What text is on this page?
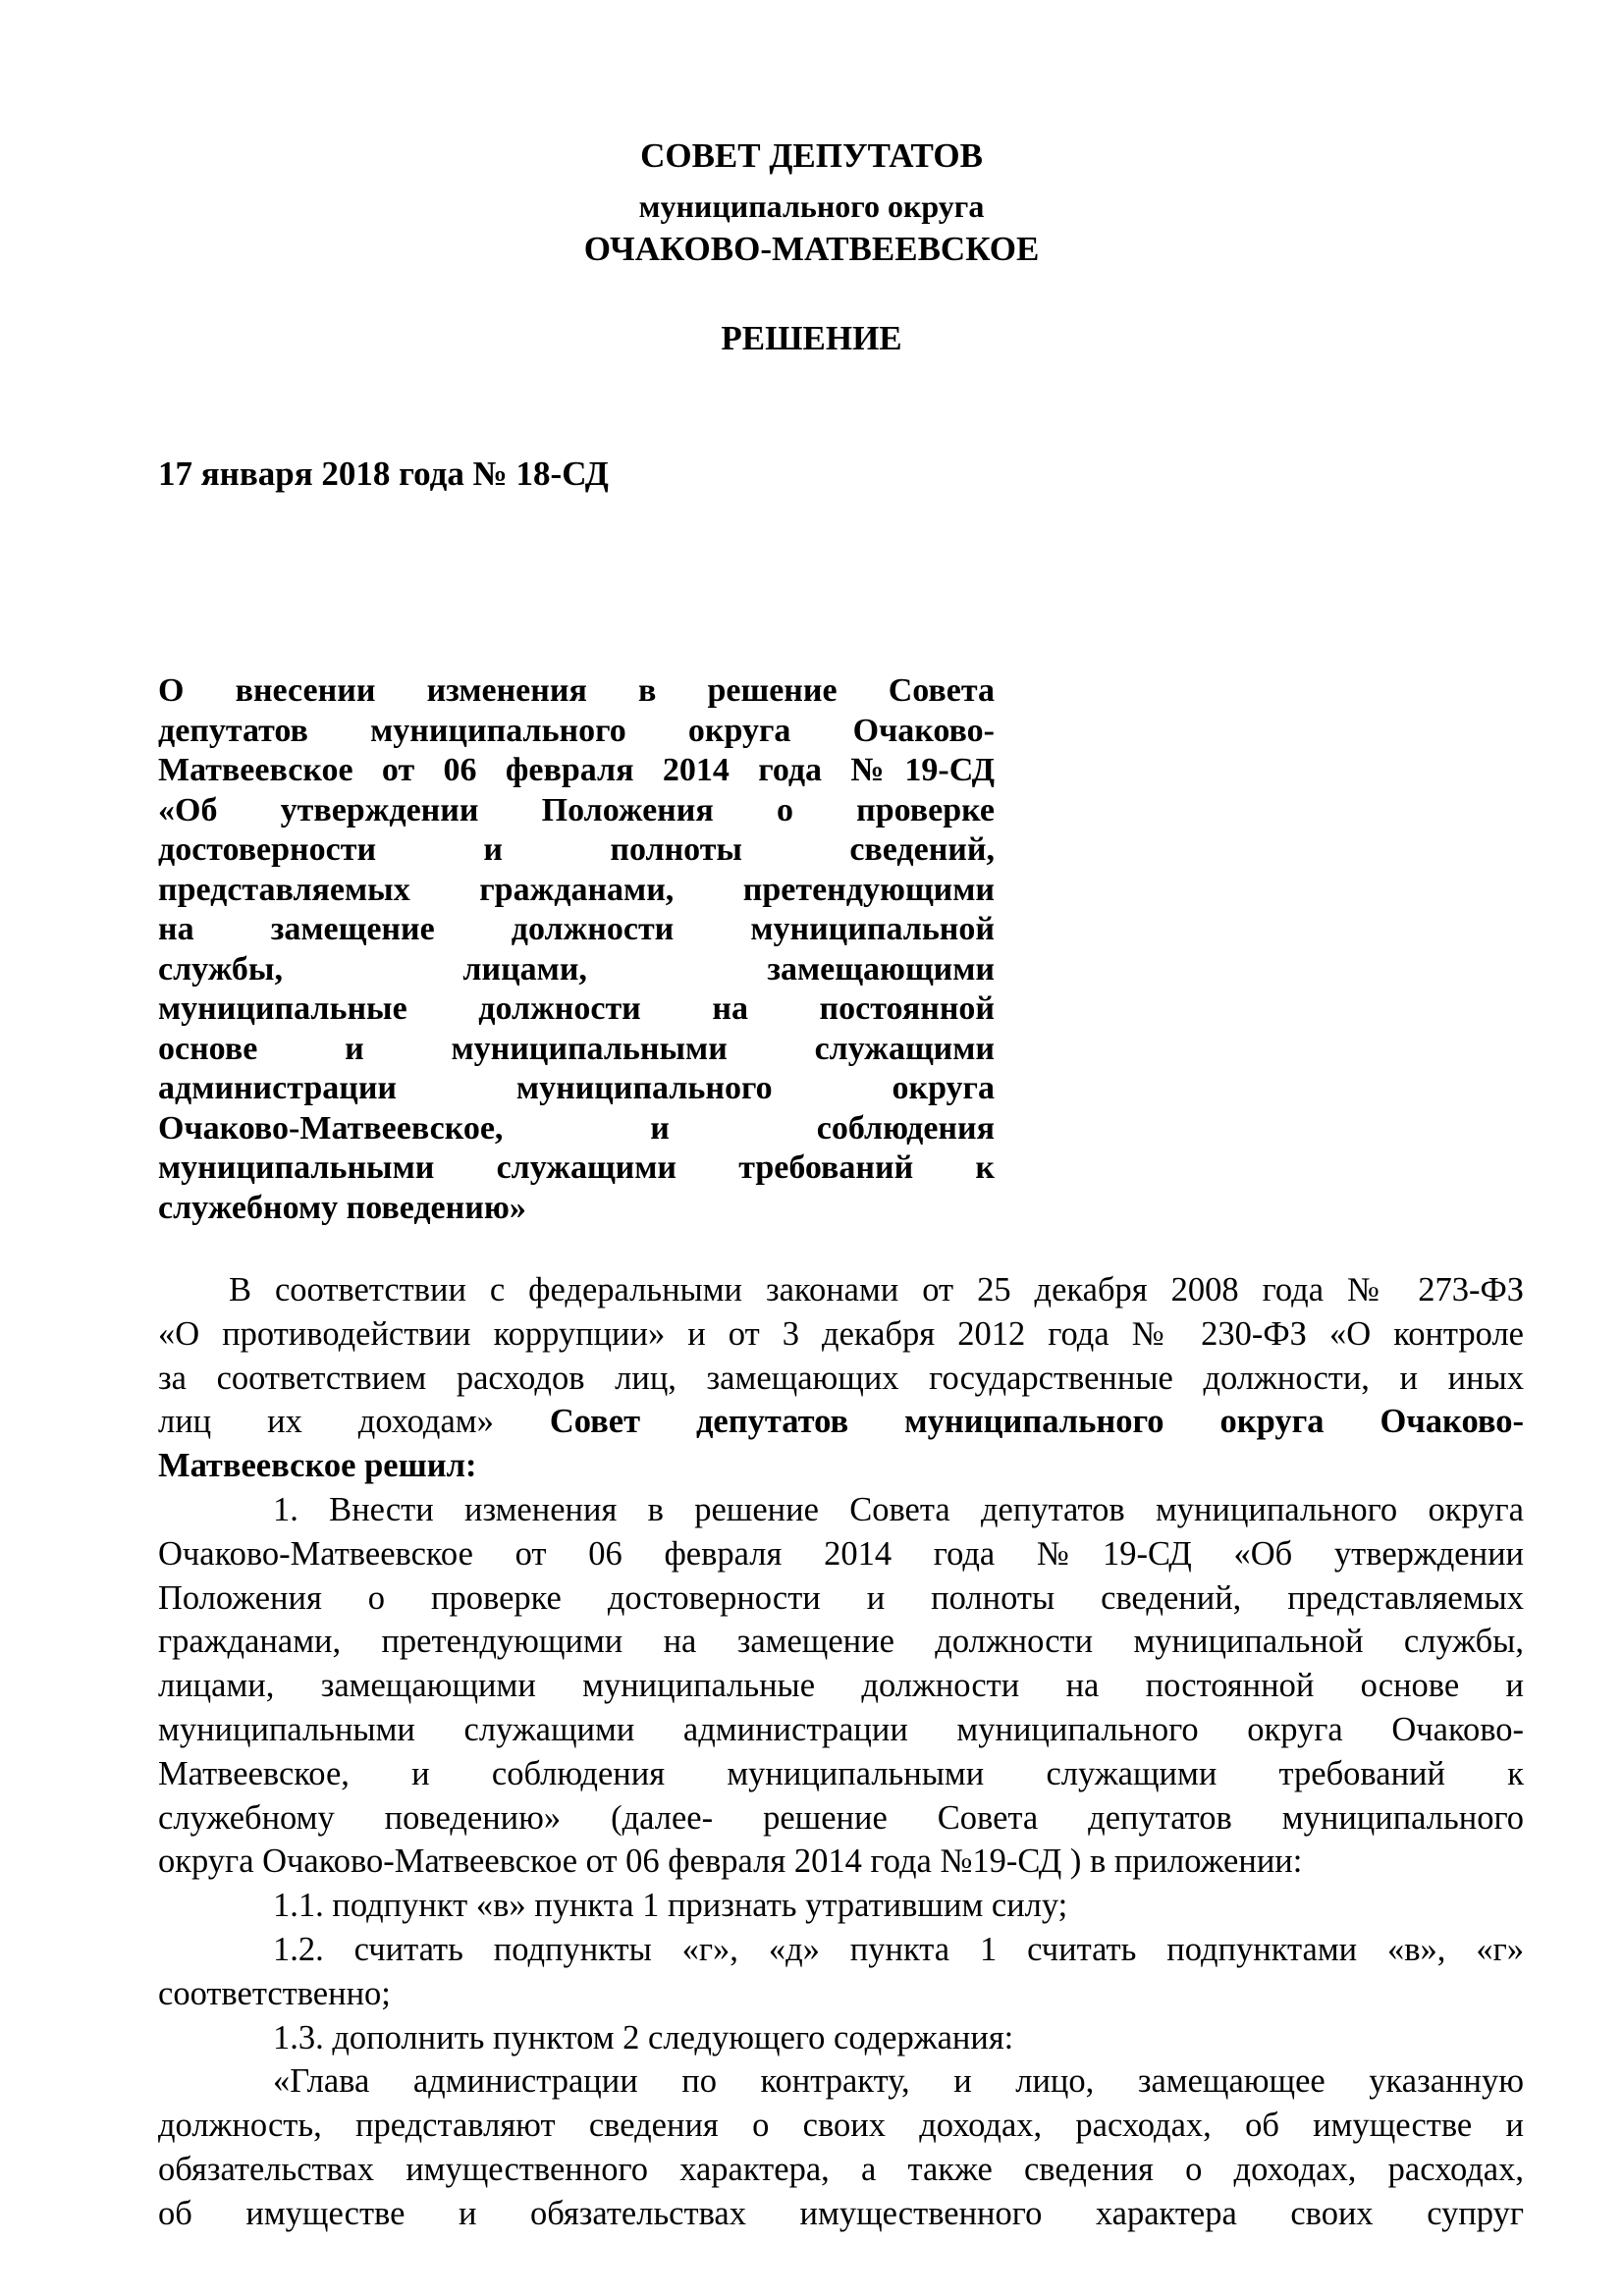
СОВЕТ ДЕПУТАТОВ
муниципального округа
ОЧАКОВО-МАТВЕЕВСКОЕ
РЕШЕНИЕ
17 января 2018 года № 18-СД
О внесении изменения в решение Совета
депутатов муниципального округа Очаково-
Матвеевское от 06 февраля 2014 года №19-СД
«Об утверждении Положения о проверке
достоверности и полноты сведений,
представляемых гражданами, претендующими
на замещение должности муниципальной
службы, лицами, замещающими
муниципальные должности на постоянной
основе и муниципальными служащими
администрации муниципального округа
Очаково-Матвеевское, и соблюдения
муниципальными служащими требований к
служебному поведению»
В соответствии с федеральными законами от 25 декабря 2008 года № 273-ФЗ
«О противодействии коррупции» и от 3 декабря 2012 года № 230-ФЗ «О контроле
за соответствием расходов лиц, замещающих государственные должности, и иных
лиц их доходам» Совет депутатов муниципального округа Очаково-
Матвеевское решил:
1. Внести изменения в решение Совета депутатов муниципального округа
Очаково-Матвеевское от 06 февраля 2014 года №19-СД «Об утверждении
Положения о проверке достоверности и полноты сведений, представляемых
гражданами, претендующими на замещение должности муниципальной службы,
лицами, замещающими муниципальные должности на постоянной основе и
муниципальными служащими администрации муниципального округа Очаково-
Матвеевское, и соблюдения муниципальными служащими требований к
служебному поведению» (далее- решение Совета депутатов муниципального
округа Очаково-Матвеевское от 06 февраля 2014 года №19-СД ) в приложении:
1.1. подпункт «в» пункта 1 признать утратившим силу;
1.2. считать подпункты «г», «д» пункта 1 считать подпунктами «в», «г»
соответственно;
1.3. дополнить пунктом 2 следующего содержания:
«Глава администрации по контракту, и лицо, замещающее указанную
должность, представляют сведения о своих доходах, расходах, об имуществе и
обязательствах имущественного характера, а также сведения о доходах, расходах,
об имуществе и обязательствах имущественного характера своих супруг
